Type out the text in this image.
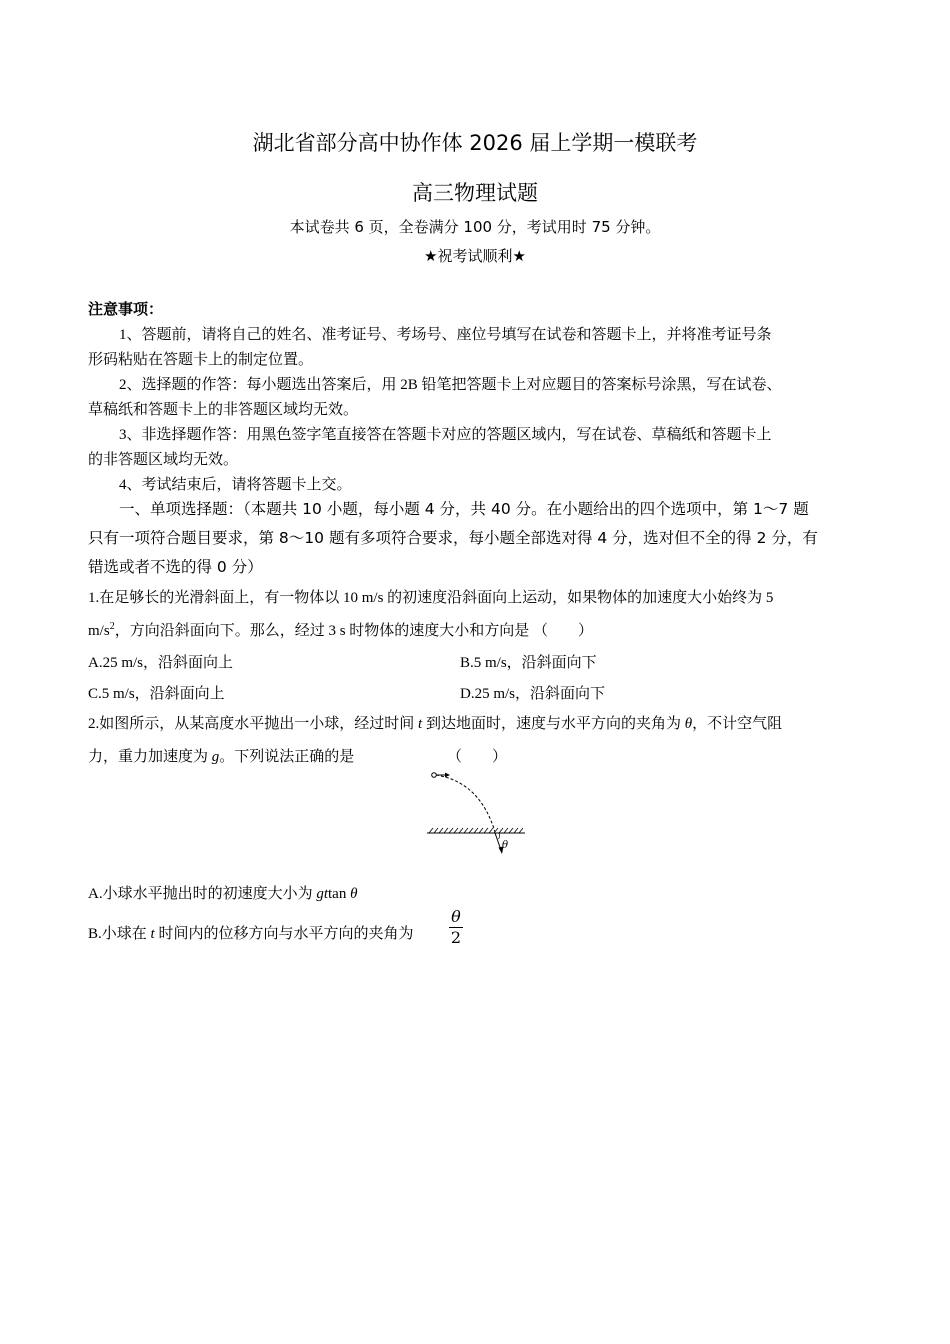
湖北省部分高中协作体 2026 届上学期一模联考
高三物理试题
本试卷共 6 页，全卷满分 100 分，考试用时 75 分钟。
★祝考试顺利★
注意事项：
1、答题前，请将自己的姓名、准考证号、考场号、座位号填写在试卷和答题卡上，并将准考证号条
形码粘贴在答题卡上的制定位置。
2、选择题的作答：每小题选出答案后，用 2B 铅笔把答题卡上对应题目的答案标号涂黑，写在试卷、
草稿纸和答题卡上的非答题区域均无效。
3、非选择题作答：用黑色签字笔直接答在答题卡对应的答题区域内，写在试卷、草稿纸和答题卡上
的非答题区域均无效。
4、考试结束后，请将答题卡上交。
一、单项选择题：（本题共 10 小题，每小题 4 分，共 40 分。在小题给出的四个选项中，第 1～7 题
只有一项符合题目要求，第 8～10 题有多项符合要求，每小题全部选对得 4 分，选对但不全的得 2 分，有
错选或者不选的得 0 分）
1.在足够长的光滑斜面上，有一物体以 10 m/s 的初速度沿斜面向上运动，如果物体的加速度大小始终为 5
$m/s^2$，方向沿斜面向下。那么，经过 3 s 时物体的速度大小和方向是 （　　）
A.25 m/s，沿斜面向上	B.5 m/s，沿斜面向下
C.5 m/s，沿斜面向上	D.25 m/s，沿斜面向下
2.如图所示，从某高度水平抛出一小球，经过时间 t 到达地面时，速度与水平方向的夹角为 θ，不计空气阻
力，重力加速度为 g。下列说法正确的是	（　　）
θ
A.小球水平抛出时的初速度大小为 gttan θ
B.小球在 t 时间内的位移方向与水平方向的夹角为
θ
2
